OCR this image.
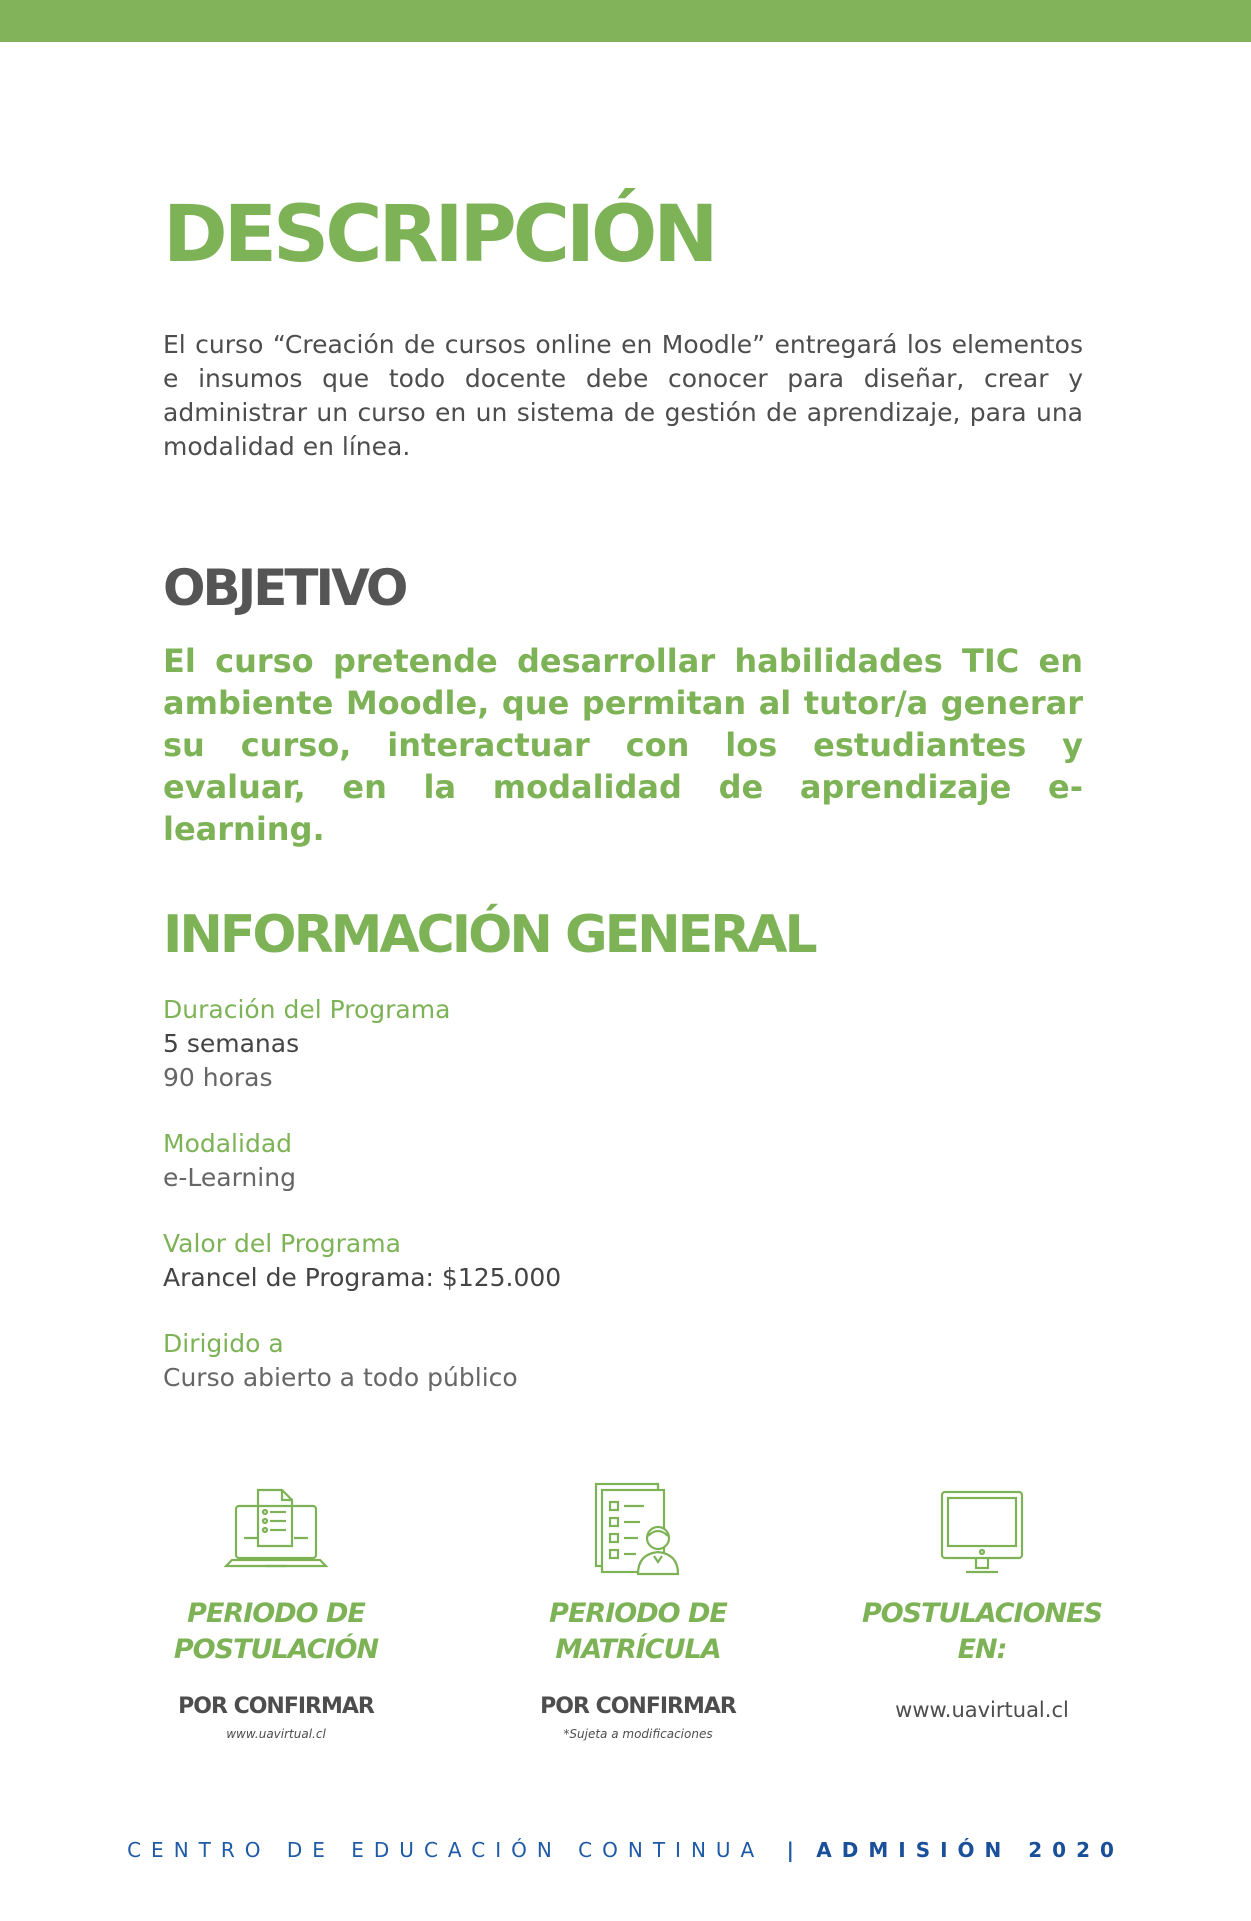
DESCRIPCIÓN

El curso “Creación de cursos online en Moodle” entregará los elementos e insumos que todo docente debe conocer para diseñar, crear y administrar un curso en un sistema de gestión de aprendizaje, para una modalidad en línea.

OBJETIVO

El curso pretende desarrollar habilidades TIC en ambiente Moodle, que permitan al tutor/a generar su curso, interactuar con los estudiantes y evaluar, en la modalidad de aprendizaje e-learning.

INFORMACIÓN GENERAL
Duración del Programa
5 semanas
90 horas
Modalidad
e-Learning
Valor del Programa
Arancel de Programa: $125.000
Dirigido a
Curso abierto a todo público
PERIODO DE
POSTULACIÓN
POR CONFIRMAR
www.uavirtual.cl
PERIODO DE
MATRÍCULA
POR CONFIRMAR
*Sujeta a modificaciones
POSTULACIONES
EN:
www.uavirtual.cl
CENTRO DE EDUCACIÓN CONTINUA | ADMISIÓN 2020
